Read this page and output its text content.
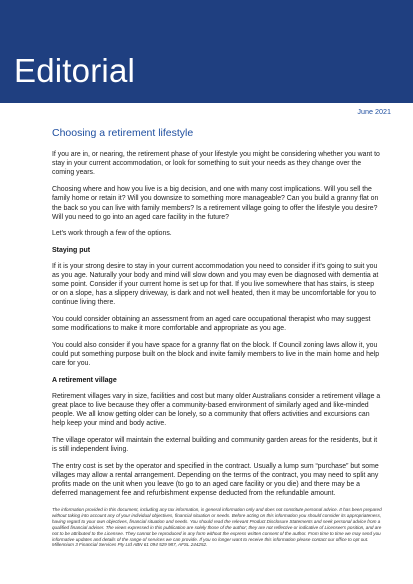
Editorial
June 2021
Choosing a retirement lifestyle

If you are in, or nearing, the retirement phase of your lifestyle you might be considering whether you want to stay in your current accommodation, or look for something to suit your needs as they change over the coming years.

Choosing where and how you live is a big decision, and one with many cost implications. Will you sell the family home or retain it? Will you downsize to something more manageable? Can you build a granny flat on the back so you can live with family members? Is a retirement village going to offer the lifestyle you desire? Will you need to go into an aged care facility in the future?

Let's work through a few of the options.

Staying put

If it is your strong desire to stay in your current accommodation you need to consider if it's going to suit you as you age. Naturally your body and mind will slow down and you may even be diagnosed with dementia at some point. Consider if your current home is set up for that. If you live somewhere that has stairs, is steep or on a slope, has a slippery driveway, is dark and not well heated, then it may be uncomfortable for you to continue living there.

You could consider obtaining an assessment from an aged care occupational therapist who may suggest some modifications to make it more comfortable and appropriate as you age.

You could also consider if you have space for a granny flat on the block. If Council zoning laws allow it, you could put something purpose built on the block and invite family members to live in the main home and help care for you.

A retirement village

Retirement villages vary in size, facilities and cost but many older Australians consider a retirement village a great place to live because they offer a community-based environment of similarly aged and like-minded people. We all know getting older can be lonely, so a community that offers activities and excursions can help keep your mind and body active.

The village operator will maintain the external building and community garden areas for the residents, but it is still independent living.

The entry cost is set by the operator and specified in the contract. Usually a lump sum “purchase” but some villages may allow a rental arrangement. Depending on the terms of the contract, you may need to split any profits made on the unit when you leave (to go to an aged care facility or you die) and there may be a deferred management fee and refurbishment expense deducted from the refundable amount.

The information provided in this document, including any tax information, is general information only and does not constitute personal advice. It has been prepared without taking into account any of your individual objectives, financial situation or needs. Before acting on this information you should consider its appropriateness, having regard to your own objectives, financial situation and needs. You should read the relevant Product Disclosure Statements and seek personal advice from a qualified financial adviser. The views expressed in this publication are solely those of the author; they are not reflective or indicative of Licensee's position, and are not to be attributed to the Licensee. They cannot be reproduced in any form without the express written consent of the author. From time to time we may send you informative updates and details of the range of services we can provide. If you no longer want to receive this information please contact our office to opt out. Millennium 3 Financial Services Pty Ltd ABN 61 094 529 987, AFSL 244252.
